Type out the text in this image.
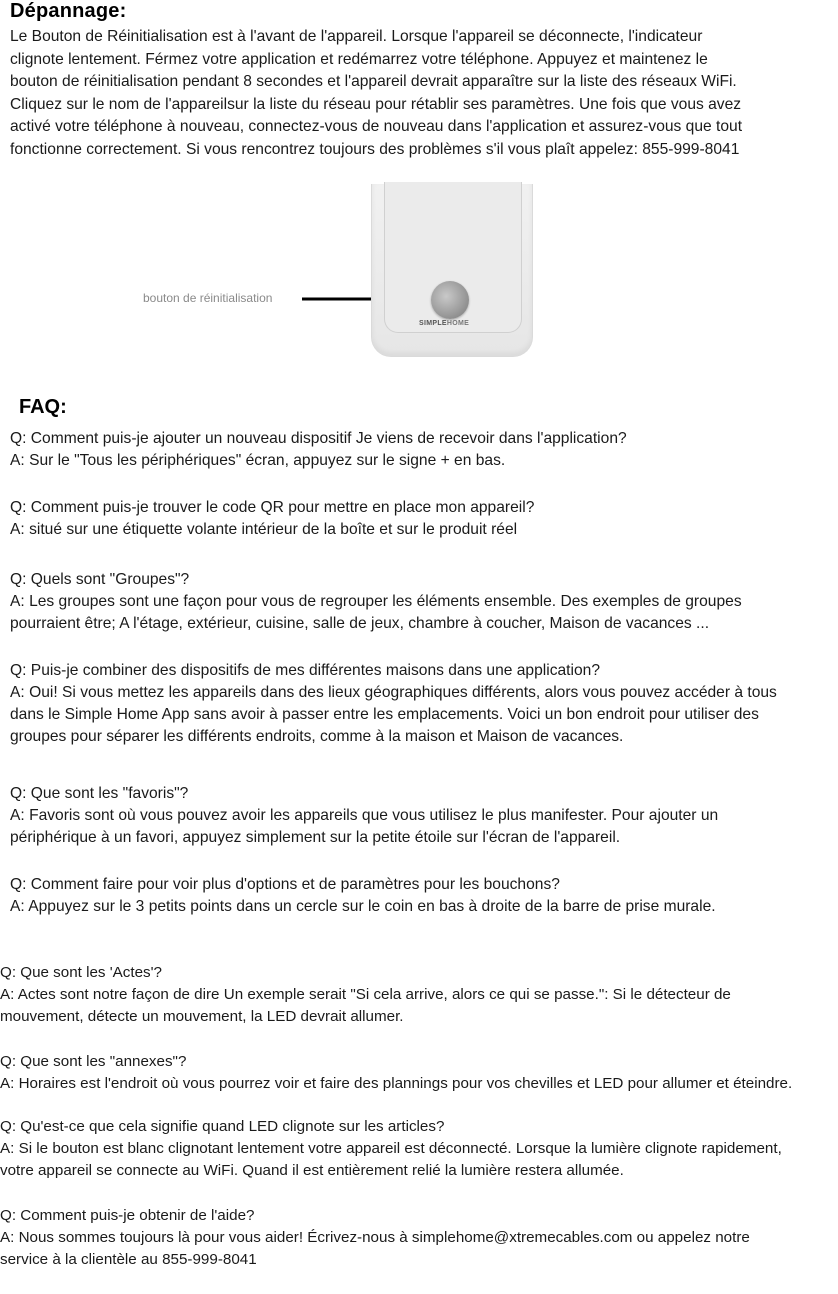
Dépannage:
Le Bouton de Réinitialisation est à l'avant de l'appareil. Lorsque l'appareil se déconnecte, l'indicateur
clignote lentement. Férmez votre application et redémarrez votre téléphone. Appuyez et maintenez le
bouton de réinitialisation pendant 8 secondes et l'appareil devrait apparaître sur la liste des réseaux WiFi.
Cliquez sur le nom de l'appareilsur la liste du réseau pour rétablir ses paramètres. Une fois que vous avez
activé votre téléphone à nouveau, connectez-vous de nouveau dans l'application et assurez-vous que tout
fonctionne correctement. Si vous rencontrez toujours des problèmes s'il vous plaît appelez: 855-999-8041
bouton de réinitialisation
SIMPLEHOME
FAQ:

Q: Comment puis-je ajouter un nouveau dispositif Je viens de recevoir dans l'application?

A: Sur le "Tous les périphériques" écran, appuyez sur le signe + en bas.

Q: Comment puis-je trouver le code QR pour mettre en place mon appareil?

A: situé sur une étiquette volante intérieur de la boîte et sur le produit réel

Q: Quels sont "Groupes"?

A: Les groupes sont une façon pour vous de regrouper les éléments ensemble. Des exemples de groupes

pourraient être; A l'étage, extérieur, cuisine, salle de jeux, chambre à coucher, Maison de vacances ...

Q: Puis-je combiner des dispositifs de mes différentes maisons dans une application?

A: Oui! Si vous mettez les appareils dans des lieux géographiques différents, alors vous pouvez accéder à tous

dans le Simple Home App sans avoir à passer entre les emplacements. Voici un bon endroit pour utiliser des

groupes pour séparer les différents endroits, comme à la maison et Maison de vacances.

Q: Que sont les "favoris"?

A: Favoris sont où vous pouvez avoir les appareils que vous utilisez le plus manifester. Pour ajouter un

périphérique à un favori, appuyez simplement sur la petite étoile sur l'écran de l'appareil.

Q: Comment faire pour voir plus d'options et de paramètres pour les bouchons?

A: Appuyez sur le 3 petits points dans un cercle sur le coin en bas à droite de la barre de prise murale.

Q: Que sont les 'Actes'?

A: Actes sont notre façon de dire Un exemple serait "Si cela arrive, alors ce qui se passe.": Si le détecteur de

mouvement, détecte un mouvement, la LED devrait allumer.

Q: Que sont les "annexes"?

A: Horaires est l'endroit où vous pourrez voir et faire des plannings pour vos chevilles et LED pour allumer et éteindre.

Q: Qu'est-ce que cela signifie quand LED clignote sur les articles?

A: Si le bouton est blanc clignotant lentement votre appareil est déconnecté. Lorsque la lumière clignote rapidement,

votre appareil se connecte au WiFi. Quand il est entièrement relié la lumière restera allumée.

Q: Comment puis-je obtenir de l'aide?

A: Nous sommes toujours là pour vous aider! Écrivez-nous à simplehome@xtremecables.com ou appelez notre

service à la clientèle au 855-999-8041
